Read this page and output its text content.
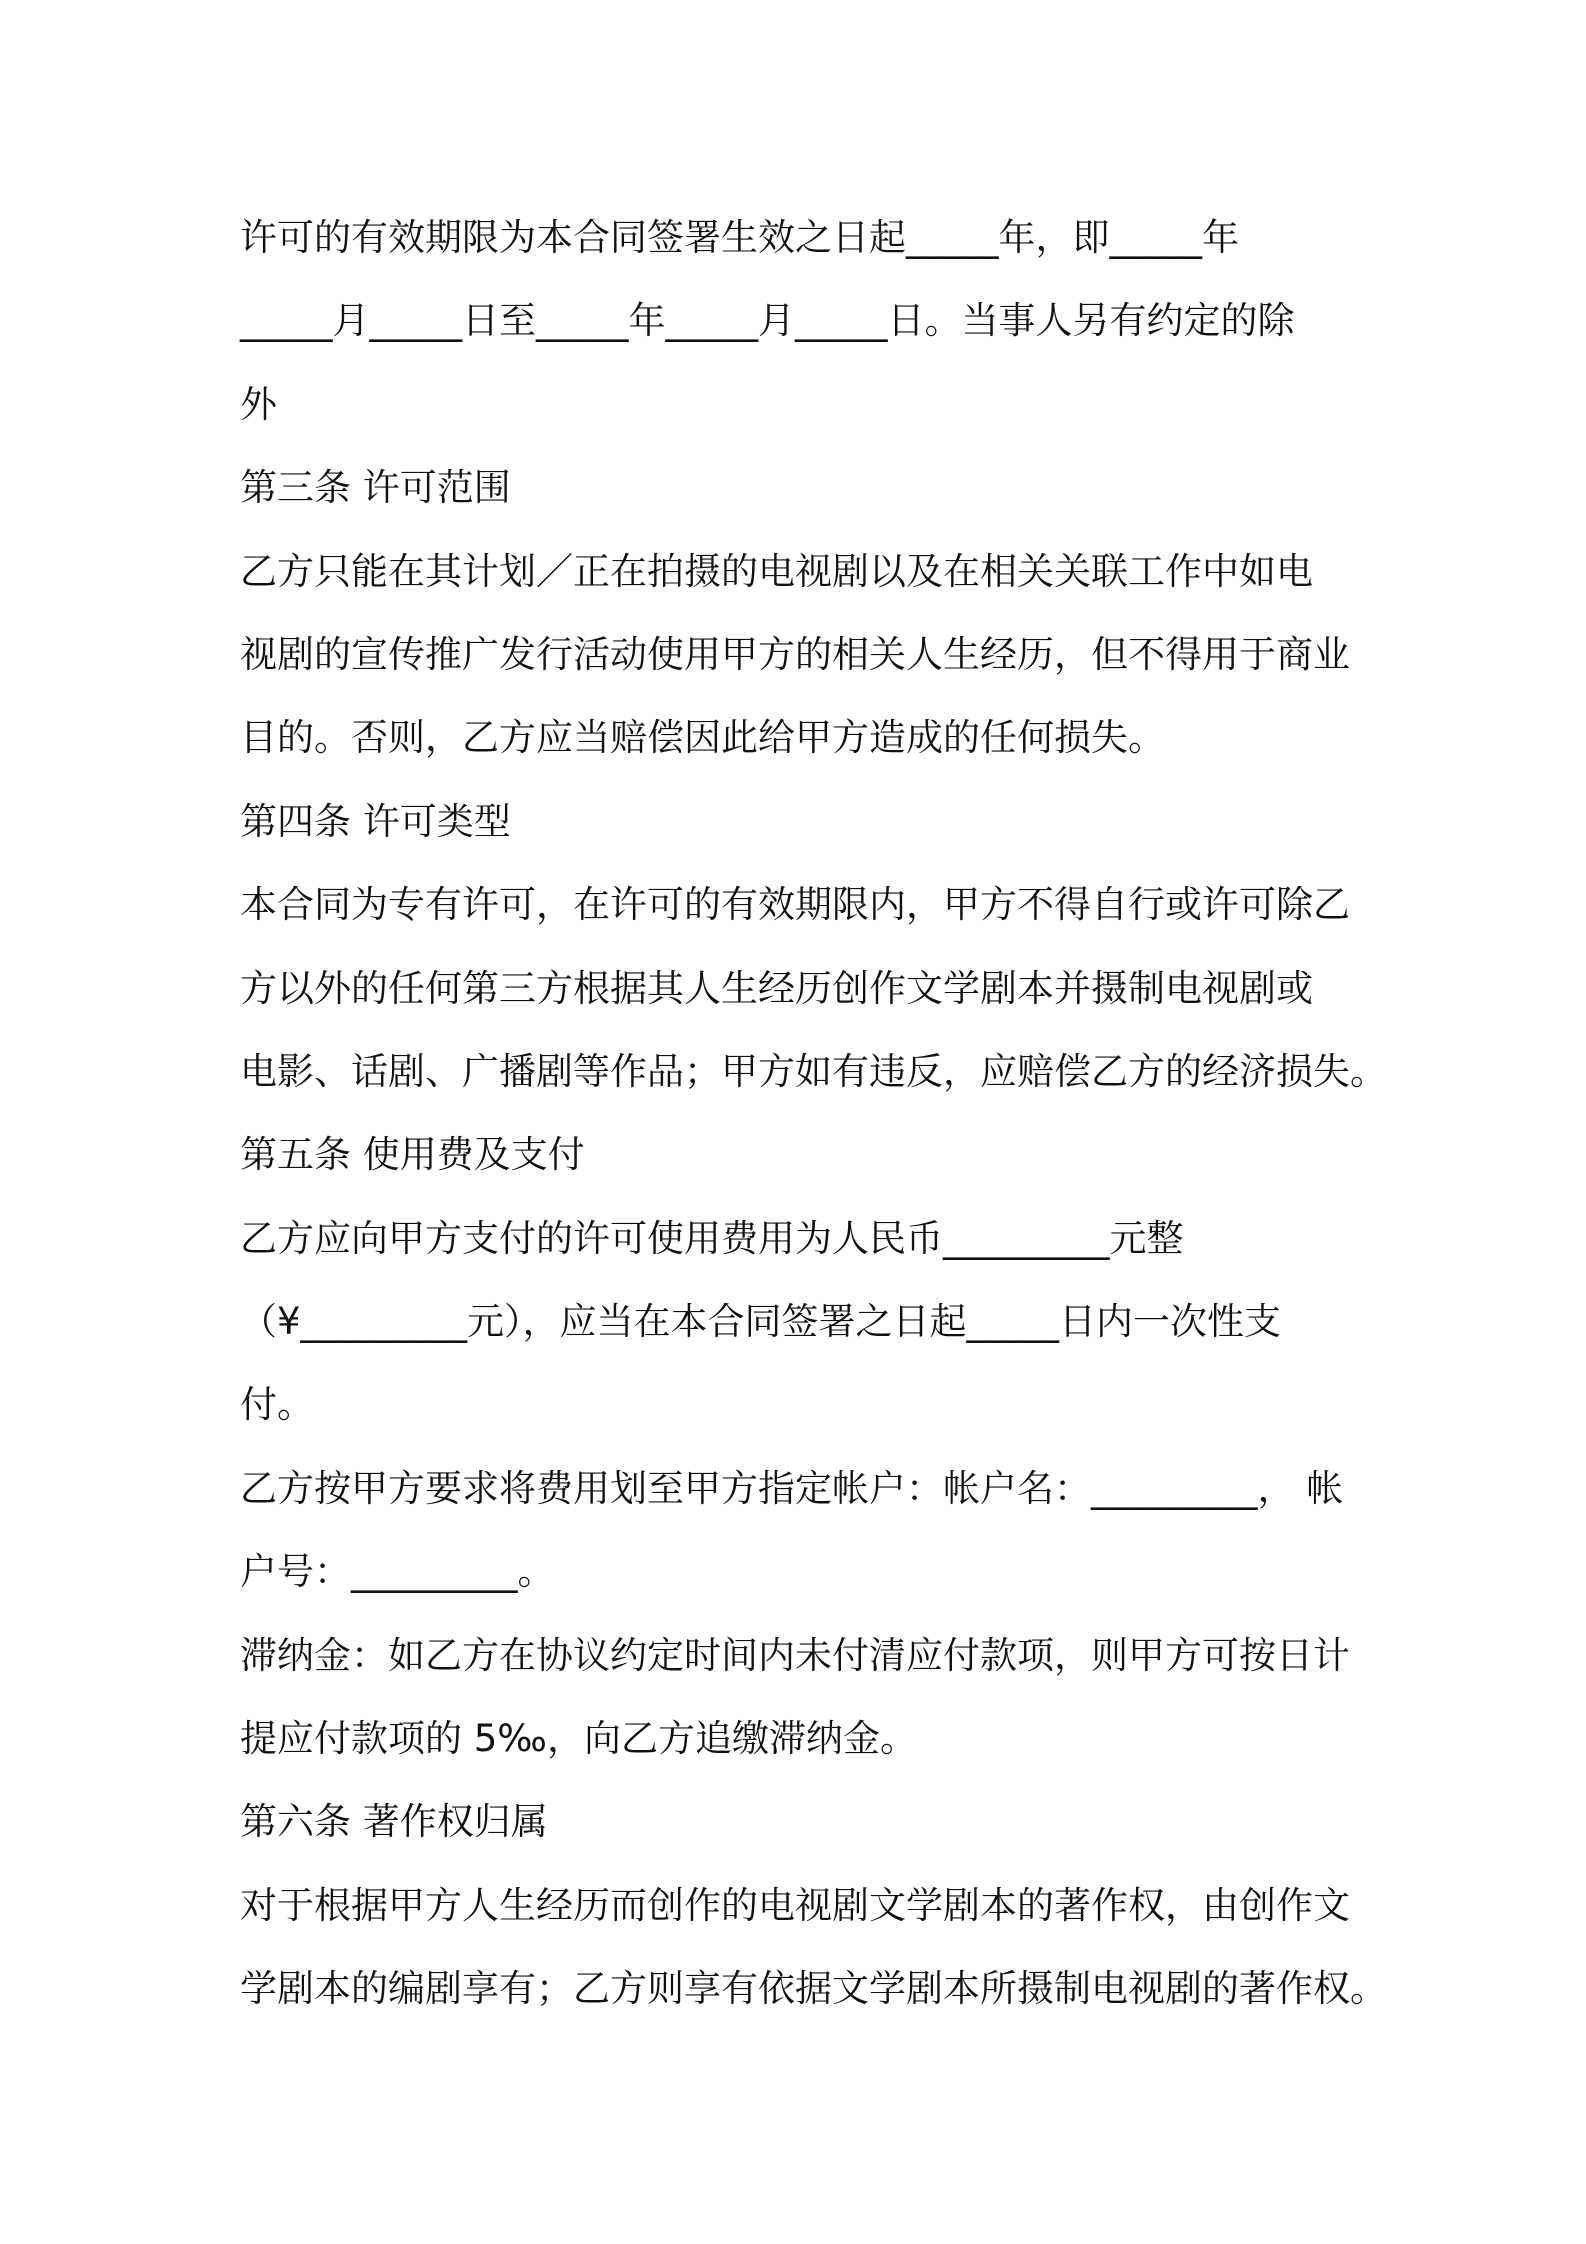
许可的有效期限为本合同签署生效之日起_____年，即_____年
_____月_____日至_____年_____月_____日。当事人另有约定的除
外
第三条 许可范围
乙方只能在其计划／正在拍摄的电视剧以及在相关关联工作中如电
视剧的宣传推广发行活动使用甲方的相关人生经历，但不得用于商业
目的。否则，乙方应当赔偿因此给甲方造成的任何损失。
第四条 许可类型
本合同为专有许可，在许可的有效期限内，甲方不得自行或许可除乙
方以外的任何第三方根据其人生经历创作文学剧本并摄制电视剧或
电影、话剧、广播剧等作品；甲方如有违反，应赔偿乙方的经济损失。
第五条 使用费及支付
乙方应向甲方支付的许可使用费用为人民币_________元整
（¥_________元），应当在本合同签署之日起_____日内一次性支
付。
乙方按甲方要求将费用划至甲方指定帐户：帐户名：_________， 帐
户号：_________。
滞纳金：如乙方在协议约定时间内未付清应付款项，则甲方可按日计
提应付款项的 5‰，向乙方追缴滞纳金。
第六条 著作权归属
对于根据甲方人生经历而创作的电视剧文学剧本的著作权，由创作文
学剧本的编剧享有；乙方则享有依据文学剧本所摄制电视剧的著作权。
